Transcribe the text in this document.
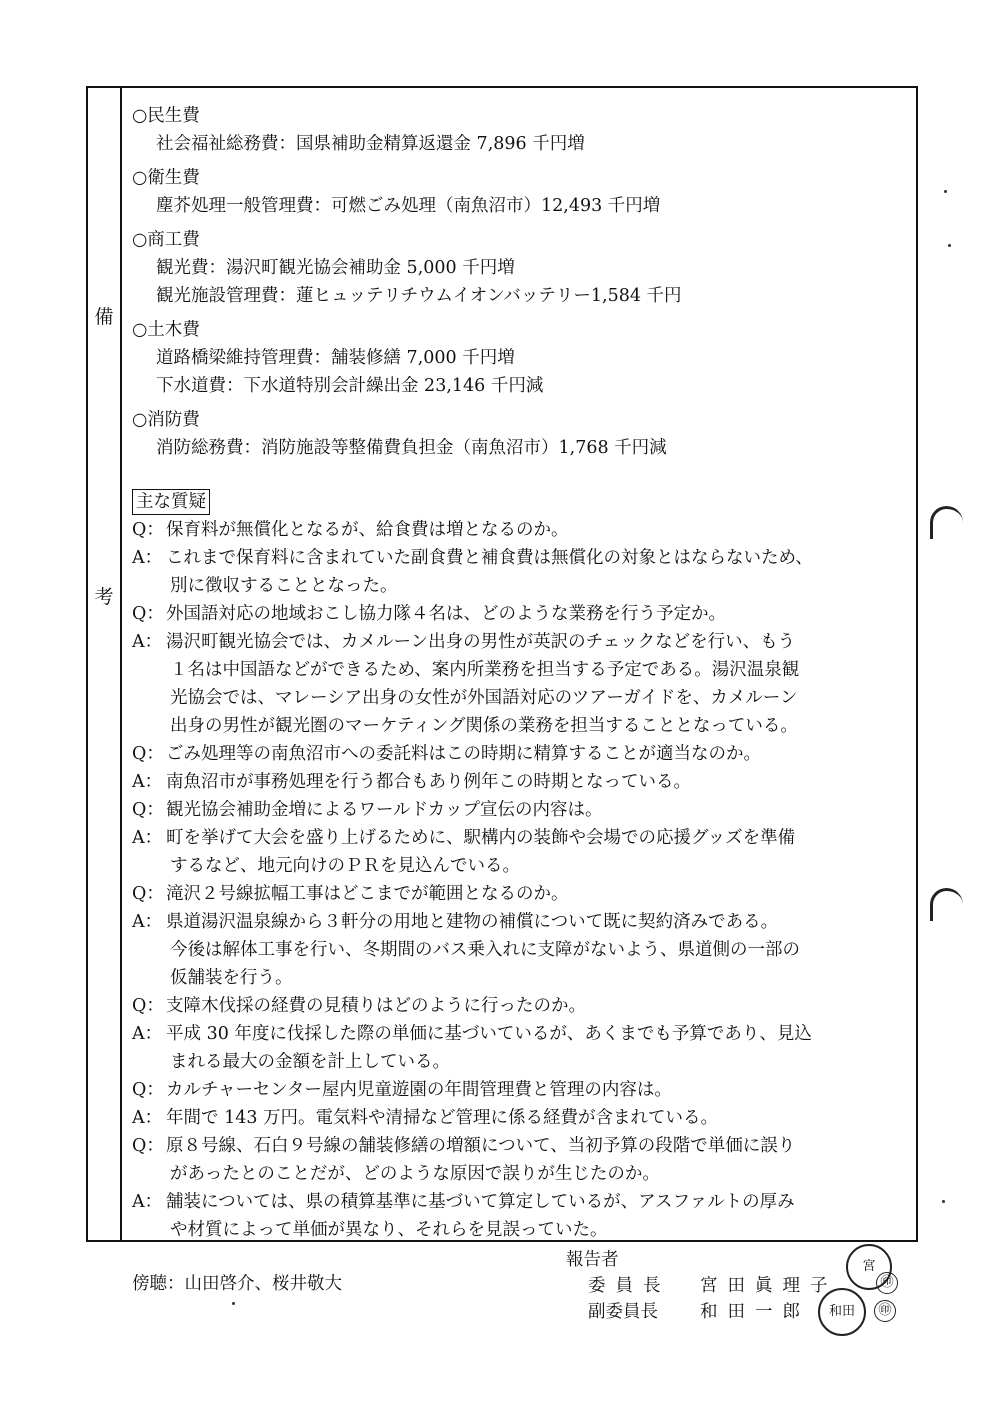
備
考
○民生費
社会福祉総務費：国県補助金精算返還金 7,896 千円増
○衛生費
塵芥処理一般管理費：可燃ごみ処理（南魚沼市）12,493 千円増
○商工費
観光費：湯沢町観光協会補助金 5,000 千円増
観光施設管理費：蓮ヒュッテリチウムイオンバッテリー1,584 千円
○土木費
道路橋梁維持管理費：舗装修繕 7,000 千円増
下水道費：下水道特別会計繰出金 23,146 千円減
○消防費
消防総務費：消防施設等整備費負担金（南魚沼市）1,768 千円減
主な質疑
Q： 保育料が無償化となるが、給食費は増となるのか。
A： これまで保育料に含まれていた副食費と補食費は無償化の対象とはならないため、
別に徴収することとなった。
Q： 外国語対応の地域おこし協力隊４名は、どのような業務を行う予定か。
A： 湯沢町観光協会では、カメルーン出身の男性が英訳のチェックなどを行い、もう
１名は中国語などができるため、案内所業務を担当する予定である。湯沢温泉観
光協会では、マレーシア出身の女性が外国語対応のツアーガイドを、カメルーン
出身の男性が観光圏のマーケティング関係の業務を担当することとなっている。
Q： ごみ処理等の南魚沼市への委託料はこの時期に精算することが適当なのか。
A： 南魚沼市が事務処理を行う都合もあり例年この時期となっている。
Q： 観光協会補助金増によるワールドカップ宣伝の内容は。
A： 町を挙げて大会を盛り上げるために、駅構内の装飾や会場での応援グッズを準備
するなど、地元向けのＰＲを見込んでいる。
Q： 滝沢２号線拡幅工事はどこまでが範囲となるのか。
A： 県道湯沢温泉線から３軒分の用地と建物の補償について既に契約済みである。
今後は解体工事を行い、冬期間のバス乗入れに支障がないよう、県道側の一部の
仮舗装を行う。
Q： 支障木伐採の経費の見積りはどのように行ったのか。
A： 平成 30 年度に伐採した際の単価に基づいているが、あくまでも予算であり、見込
まれる最大の金額を計上している。
Q： カルチャーセンター屋内児童遊園の年間管理費と管理の内容は。
A： 年間で 143 万円。電気料や清掃など管理に係る経費が含まれている。
Q： 原８号線、石白９号線の舗装修繕の増額について、当初予算の段階で単価に誤り
があったとのことだが、どのような原因で誤りが生じたのか。
A： 舗装については、県の積算基準に基づいて算定しているが、アスファルトの厚み
や材質によって単価が異なり、それらを見誤っていた。
傍聴：山田啓介、桜井敬大
報告者
委員長 宮田眞理子
副委員長 和田一郎
宮
㊞
和田	㊞
